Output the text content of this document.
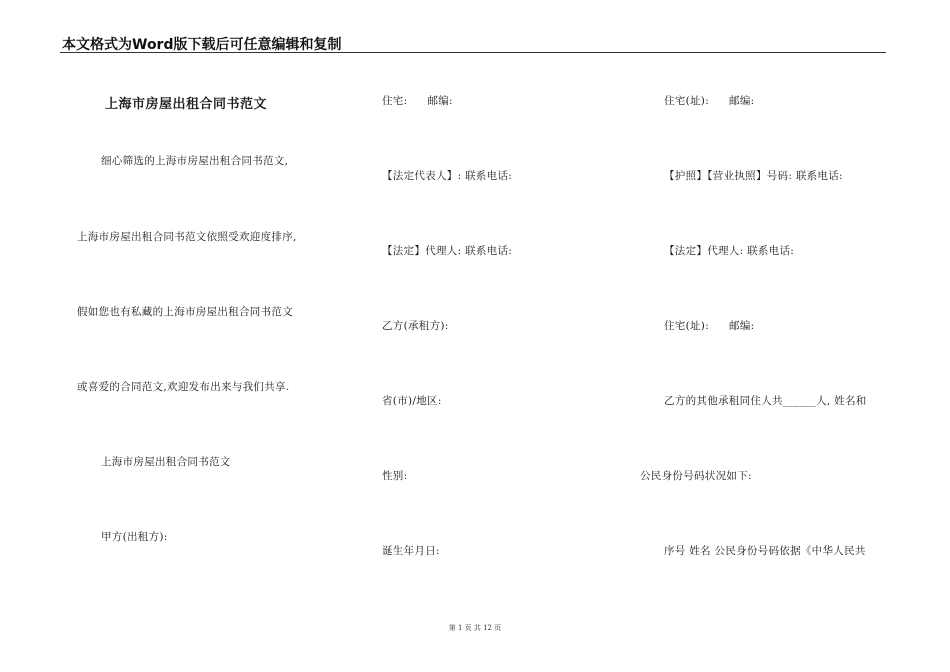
本文格式为Word版下载后可任意编辑和复制
上海市房屋出租合同书范文
细心筛选的上海市房屋出租合同书范文,
上海市房屋出租合同书范文依照受欢迎度排序,
假如您也有私藏的上海市房屋出租合同书范文
或喜爱的合同范文,欢迎发布出来与我们共享.
上海市房屋出租合同书范文
甲方(出租方):
住宅: 邮编:
【法定代表人】: 联系电话:
【法定】代理人: 联系电话:
乙方(承租方):
省(市)/地区:
性别:
诞生年月日:
住宅(址): 邮编:
【护照】【营业执照】号码: 联系电话:
【法定】代理人: 联系电话:
住宅(址): 邮编:
乙方的其他承租同住人共______人, 姓名和
公民身份号码状况如下:
序号 姓名 公民身份号码依据《中华人民共
第 1 页 共 12 页
